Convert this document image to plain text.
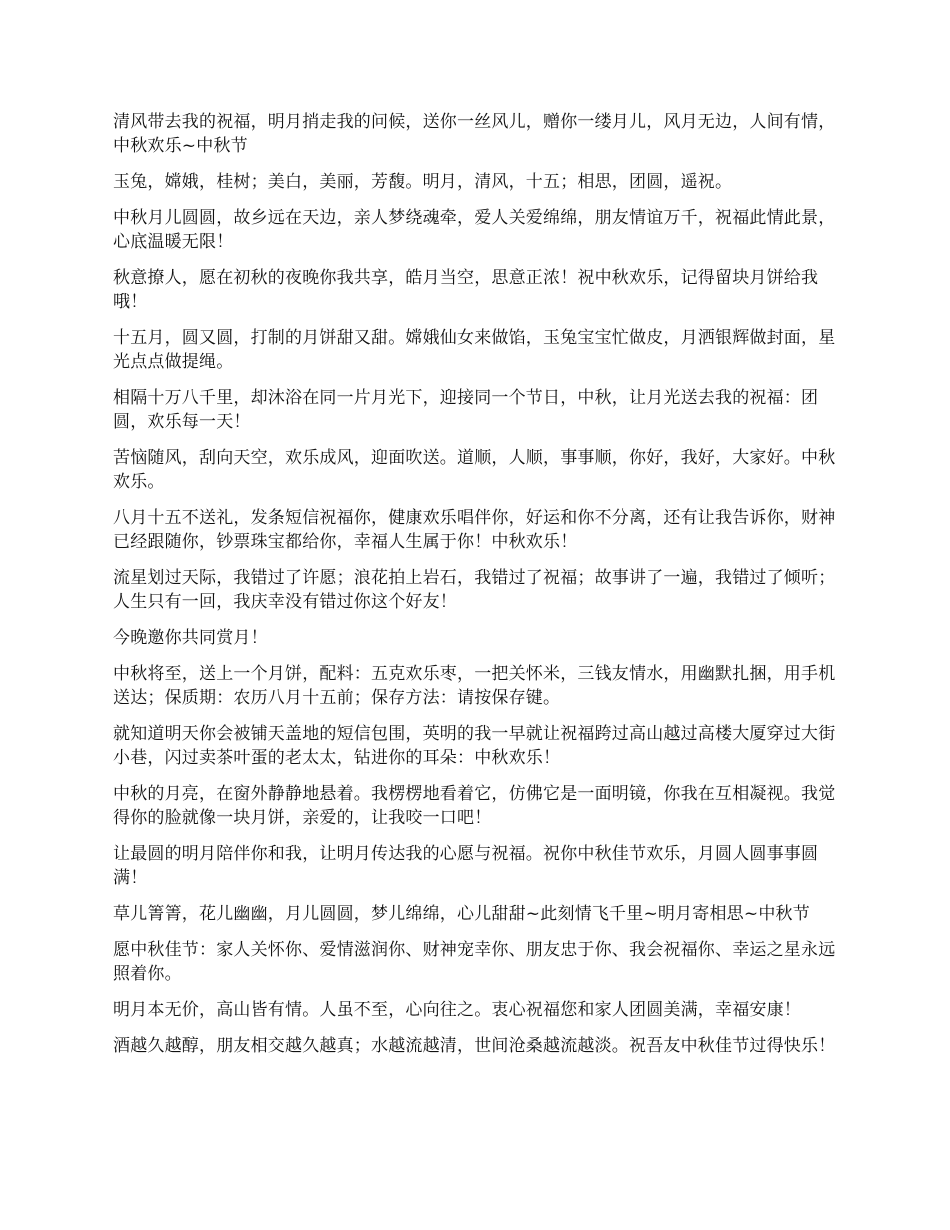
清风带去我的祝福，明月捎走我的问候，送你一丝风儿，赠你一缕月儿，风月无边，人间有情，中秋欢乐~中秋节

玉兔，嫦娥，桂树；美白，美丽，芳馥。明月，清风，十五；相思，团圆，遥祝。

中秋月儿圆圆，故乡远在天边，亲人梦绕魂牵，爱人关爱绵绵，朋友情谊万千，祝福此情此景，心底温暖无限！

秋意撩人，愿在初秋的夜晚你我共享，皓月当空，思意正浓！祝中秋欢乐，记得留块月饼给我哦！

十五月，圆又圆，打制的月饼甜又甜。嫦娥仙女来做馅，玉兔宝宝忙做皮，月洒银辉做封面，星光点点做提绳。

相隔十万八千里，却沐浴在同一片月光下，迎接同一个节日，中秋，让月光送去我的祝福：团圆，欢乐每一天！

苦恼随风，刮向天空，欢乐成风，迎面吹送。道顺，人顺，事事顺，你好，我好，大家好。中秋欢乐。

八月十五不送礼，发条短信祝福你，健康欢乐唱伴你，好运和你不分离，还有让我告诉你，财神已经跟随你，钞票珠宝都给你，幸福人生属于你！中秋欢乐！

流星划过天际，我错过了许愿；浪花拍上岩石，我错过了祝福；故事讲了一遍，我错过了倾听；人生只有一回，我庆幸没有错过你这个好友！

今晚邀你共同赏月！

中秋将至，送上一个月饼，配料：五克欢乐枣，一把关怀米，三钱友情水，用幽默扎捆，用手机送达；保质期：农历八月十五前；保存方法：请按保存键。

就知道明天你会被铺天盖地的短信包围，英明的我一早就让祝福跨过高山越过高楼大厦穿过大街小巷，闪过卖茶叶蛋的老太太，钻进你的耳朵：中秋欢乐！

中秋的月亮，在窗外静静地悬着。我楞楞地看着它，仿佛它是一面明镜，你我在互相凝视。我觉得你的脸就像一块月饼，亲爱的，让我咬一口吧！

让最圆的明月陪伴你和我，让明月传达我的心愿与祝福。祝你中秋佳节欢乐，月圆人圆事事圆满！

草儿箐箐，花儿幽幽，月儿圆圆，梦儿绵绵，心儿甜甜~此刻情飞千里~明月寄相思~中秋节

愿中秋佳节：家人关怀你、爱情滋润你、财神宠幸你、朋友忠于你、我会祝福你、幸运之星永远照着你。

明月本无价，高山皆有情。人虽不至，心向往之。衷心祝福您和家人团圆美满，幸福安康！

酒越久越醇，朋友相交越久越真；水越流越清，世间沧桑越流越淡。祝吾友中秋佳节过得快乐！
